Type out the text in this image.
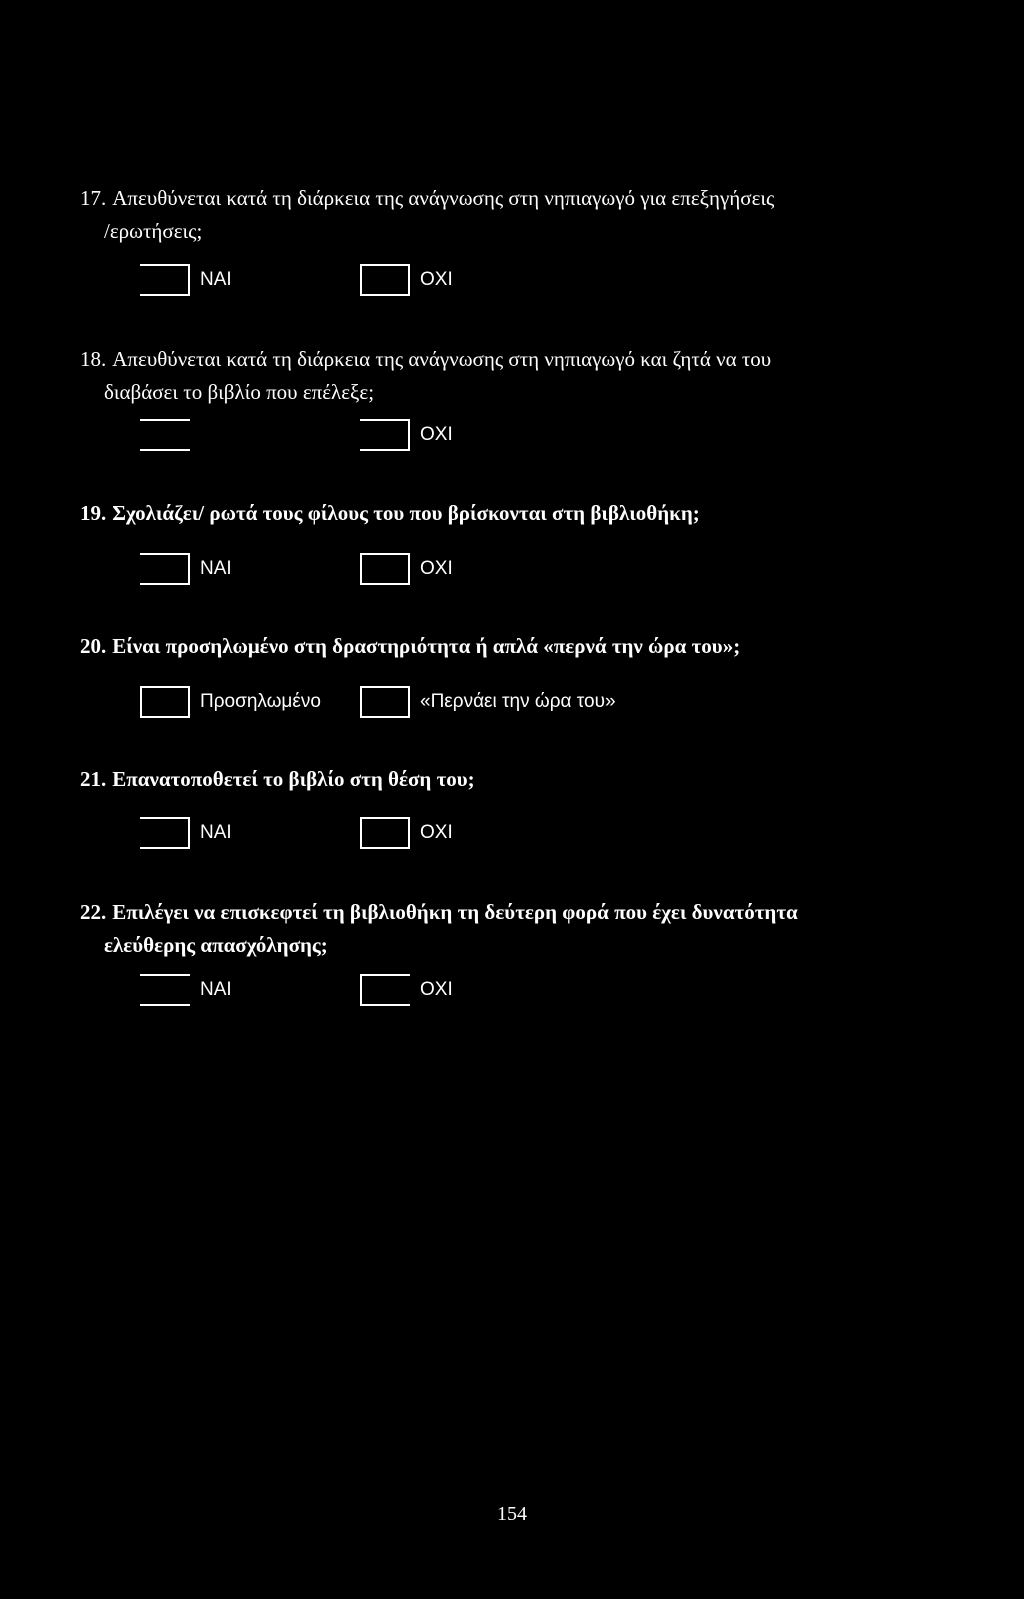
17. Απευθύνεται κατά τη διάρκεια της ανάγνωσης στη νηπιαγωγό για επεξηγήσεις
/ερωτήσεις;
ΝΑΙ	ΟΧΙ
18. Απευθύνεται κατά τη διάρκεια της ανάγνωσης στη νηπιαγωγό και ζητά να του
διαβάσει το βιβλίο που επέλεξε;
ΟΧΙ
19. Σχολιάζει/ ρωτά τους φίλους του που βρίσκονται στη βιβλιοθήκη;
ΝΑΙ	ΟΧΙ
20. Είναι προσηλωμένο στη δραστηριότητα ή απλά «περνά την ώρα του»;
Προσηλωμένο	«Περνάει την ώρα του»
21. Επανατοποθετεί το βιβλίο στη θέση του;
ΝΑΙ	ΟΧΙ
22. Επιλέγει να επισκεφτεί τη βιβλιοθήκη τη δεύτερη φορά που έχει δυνατότητα
ελεύθερης απασχόλησης;
ΝΑΙ	ΟΧΙ
154
